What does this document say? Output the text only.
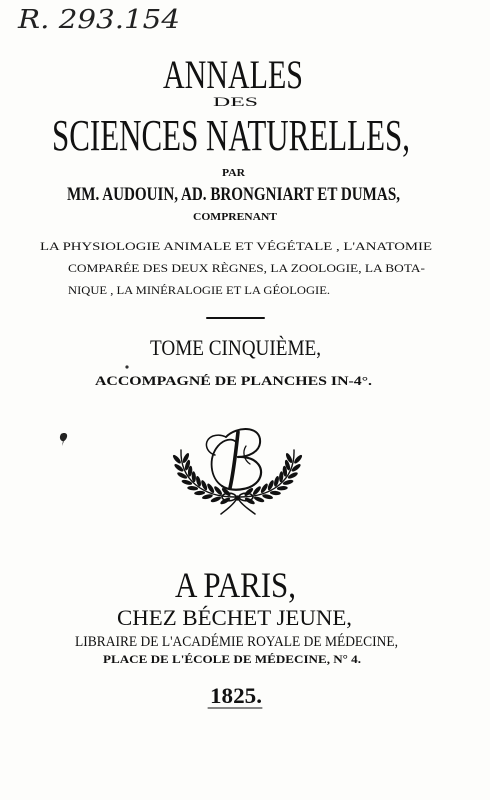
R. 293.154
ANNALES
DES
SCIENCES NATURELLES,
PAR
MM. AUDOUIN, AD. BRONGNIART ET DUMAS,
COMPRENANT
LA PHYSIOLOGIE ANIMALE ET VÉGÉTALE , L'ANATOMIE
COMPARÉE DES DEUX RÈGNES, LA ZOOLOGIE, LA BOTA-
NIQUE , LA MINÉRALOGIE ET LA GÉOLOGIE.
TOME CINQUIÈME,
ACCOMPAGNÉ DE PLANCHES IN-4°.
A PARIS,
CHEZ BÉCHET JEUNE,
LIBRAIRE DE L'ACADÉMIE ROYALE DE MÉDECINE,
PLACE DE L'ÉCOLE DE MÉDECINE, N° 4.
1825.
